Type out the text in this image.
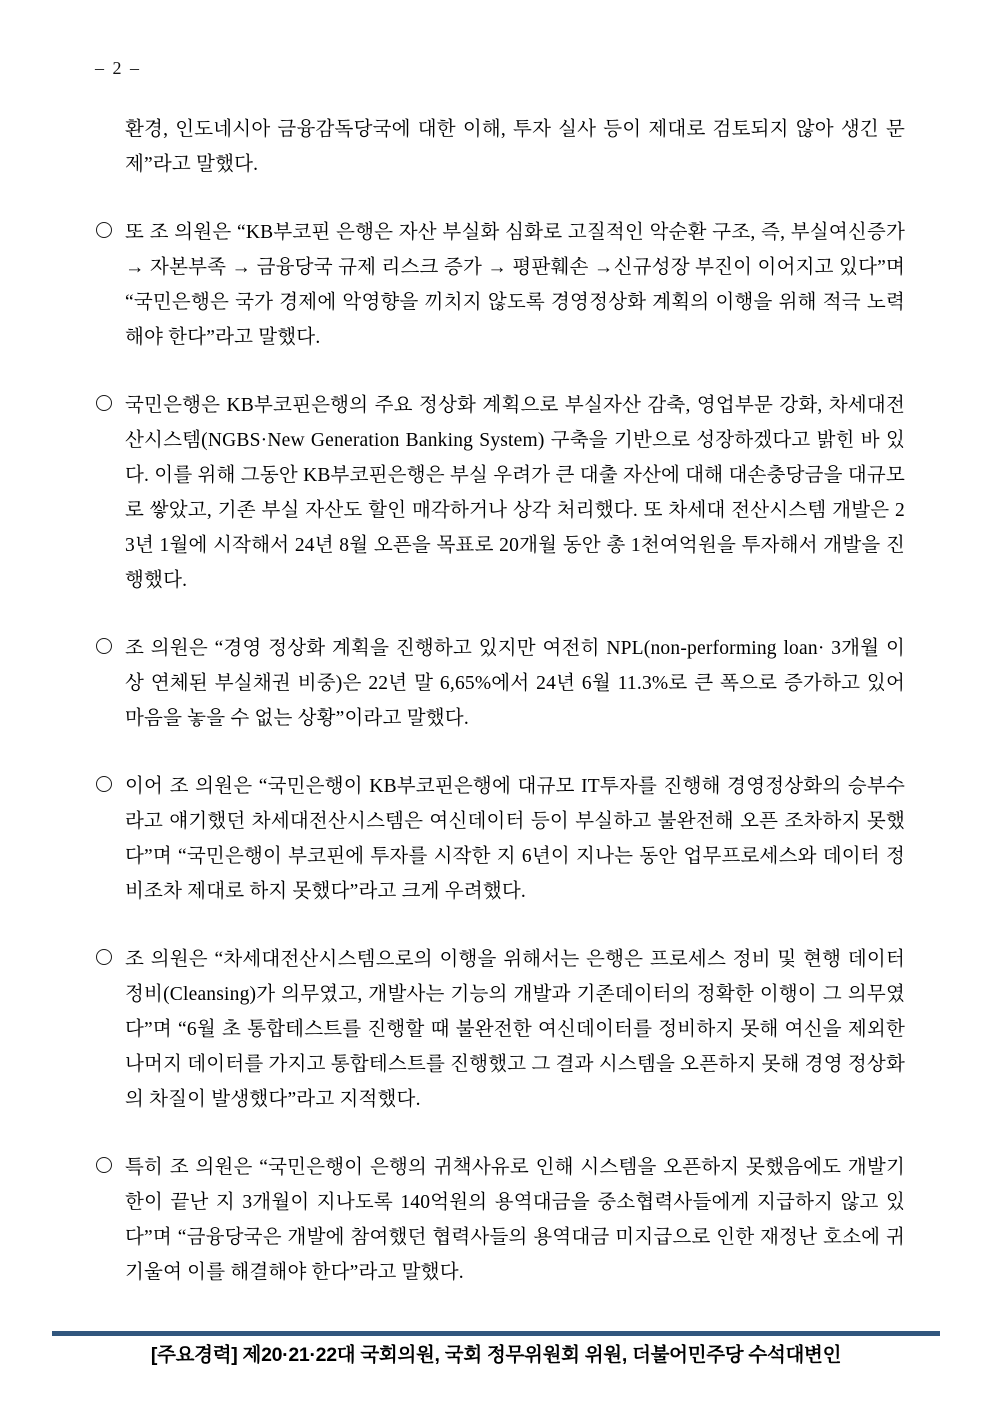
– 2 –
환경, 인도네시아 금융감독당국에 대한 이해, 투자 실사 등이 제대로 검토되지 않아 생긴 문제”라고 말했다.
또 조 의원은 “KB부코핀 은행은 자산 부실화 심화로 고질적인 악순환 구조, 즉, 부실여신증가 → 자본부족 → 금융당국 규제 리스크 증가 → 평판훼손 →신규성장 부진이 이어지고 있다”며 “국민은행은 국가 경제에 악영향을 끼치지 않도록 경영정상화 계획의 이행을 위해 적극 노력해야 한다”라고 말했다.
국민은행은 KB부코핀은행의 주요 정상화 계획으로 부실자산 감축, 영업부문 강화, 차세대전산시스템(NGBS·New Generation Banking System) 구축을 기반으로 성장하겠다고 밝힌 바 있다. 이를 위해 그동안 KB부코핀은행은 부실 우려가 큰 대출 자산에 대해 대손충당금을 대규모로 쌓았고, 기존 부실 자산도 할인 매각하거나 상각 처리했다. 또 차세대 전산시스템 개발은 23년 1월에 시작해서 24년 8월 오픈을 목표로 20개월 동안 총 1천여억원을 투자해서 개발을 진행했다.
조 의원은 “경영 정상화 계획을 진행하고 있지만 여전히 NPL(non-performing loan· 3개월 이상 연체된 부실채권 비중)은 22년 말 6,65%에서 24년 6월 11.3%로 큰 폭으로 증가하고 있어 마음을 놓을 수 없는 상황”이라고 말했다.
이어 조 의원은 “국민은행이 KB부코핀은행에 대규모 IT투자를 진행해 경영정상화의 승부수라고 얘기했던 차세대전산시스템은 여신데이터 등이 부실하고 불완전해 오픈 조차하지 못했다”며 “국민은행이 부코핀에 투자를 시작한 지 6년이 지나는 동안 업무프로세스와 데이터 정비조차 제대로 하지 못했다”라고 크게 우려했다.
조 의원은 “차세대전산시스템으로의 이행을 위해서는 은행은 프로세스 정비 및 현행 데이터 정비(Cleansing)가 의무였고, 개발사는 기능의 개발과 기존데이터의 정확한 이행이 그 의무였다”며 “6월 초 통합테스트를 진행할 때 불완전한 여신데이터를 정비하지 못해 여신을 제외한 나머지 데이터를 가지고 통합테스트를 진행했고 그 결과 시스템을 오픈하지 못해 경영 정상화의 차질이 발생했다”라고 지적했다.
특히 조 의원은 “국민은행이 은행의 귀책사유로 인해 시스템을 오픈하지 못했음에도 개발기한이 끝난 지 3개월이 지나도록 140억원의 용역대금을 중소협력사들에게 지급하지 않고 있다”며 “금융당국은 개발에 참여했던 협력사들의 용역대금 미지급으로 인한 재정난 호소에 귀 기울여 이를 해결해야 한다”라고 말했다.
[주요경력] 제20·21·22대 국회의원, 국회 정무위원회 위원, 더불어민주당 수석대변인
